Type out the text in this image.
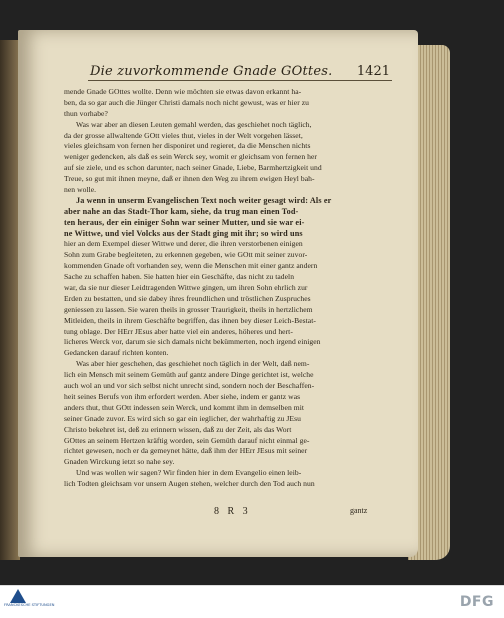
Die zuvorkommende Gnade GOttes.	1421
mende Gnade GOttes wollte. Denn wie möchten sie etwas davon erkannt ha-
ben, da so gar auch die Jünger Christi damals noch nicht gewust, was er hier zu
thun vorhabe?
Was war aber an diesen Leuten gemahl werden, das geschiehet noch täglich,
da der grosse allwaltende GOtt vieles thut, vieles in der Welt vorgehen lässet,
vieles gleichsam von fernen her disponiret und regieret, da die Menschen nichts
weniger gedencken, als daß es sein Werck sey, womit er gleichsam von fernen her
auf sie ziele, und es schon darunter, nach seiner Gnade, Liebe, Barmhertzigkeit und
Treue, so gut mit ihnen meyne, daß er ihnen den Weg zu ihrem ewigen Heyl bah-
nen wolle.
Ja wenn in unserm Evangelischen Text noch weiter gesagt wird: Als er
aber nahe an das Stadt-Thor kam, siehe, da trug man einen Tod-
ten heraus, der ein einiger Sohn war seiner Mutter, und sie war ei-
ne Wittwe, und viel Volcks aus der Stadt ging mit ihr; so wird uns
hier an dem Exempel dieser Wittwe und derer, die ihren verstorbenen einigen
Sohn zum Grabe begleiteten, zu erkennen gegeben, wie GOtt mit seiner zuvor-
kommenden Gnade oft vorhanden sey, wenn die Menschen mit einer gantz andern
Sache zu schaffen haben. Sie hatten hier ein Geschäfte, das nicht zu tadeln
war, da sie nur dieser Leidtragenden Wittwe gingen, um ihren Sohn ehrlich zur
Erden zu bestatten, und sie dabey ihres freundlichen und tröstlichen Zuspruches
geniessen zu lassen. Sie waren theils in grosser Traurigkeit, theils in hertzlichem
Mitleiden, theils in ihrem Geschäfte begriffen, das ihnen bey dieser Leich-Bestat-
tung oblage. Der HErr JEsus aber hatte viel ein anderes, höheres und hert-
licheres Werck vor, darum sie sich damals nicht bekümmerten, noch irgend einigen
Gedancken darauf richten konten.
Was aber hier geschehen, das geschiehet noch täglich in der Welt, daß nem-
lich ein Mensch mit seinem Gemüth auf gantz andere Dinge gerichtet ist, welche
auch wol an und vor sich selbst nicht unrecht sind, sondern noch der Beschaffen-
heit seines Berufs von ihm erfordert werden. Aber siehe, indem er gantz was
anders thut, thut GOtt indessen sein Werck, und kommt ihm in demselben mit
seiner Gnade zuvor. Es wird sich so gar ein ieglicher, der wahrhaftig zu JEsu
Christo bekehret ist, deß zu erinnern wissen, daß zu der Zeit, als das Wort
GOttes an seinem Hertzen kräftig worden, sein Gemüth darauf nicht einmal ge-
richtet gewesen, noch er da gemeynet hätte, daß ihm der HErr JEsus mit seiner
Gnaden Wirckung ietzt so nahe sey.
Und was wollen wir sagen? Wir finden hier in dem Evangelio einen leib-
lich Todten gleichsam vor unsern Augen stehen, welcher durch den Tod auch nun
8 R 3	gantz
FRANCKESCHE STIFTUNGEN	DFG
